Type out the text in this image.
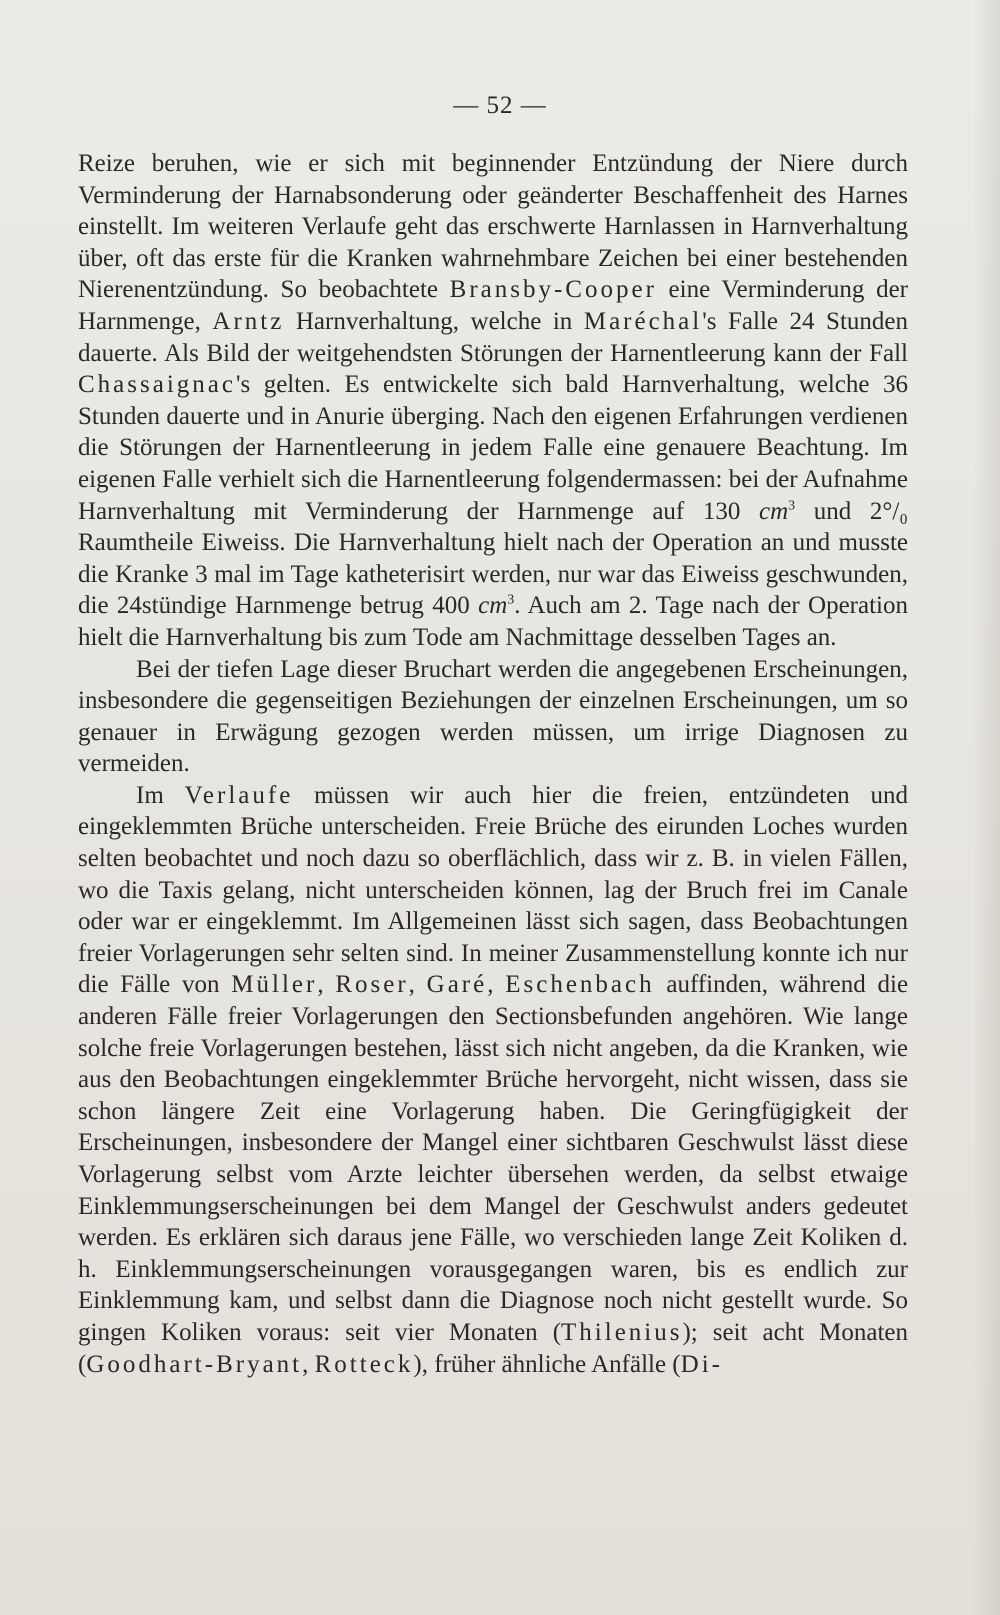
— 52 —

Reize beruhen, wie er sich mit beginnender Entzündung der Niere durch Verminderung der Harnabsonderung oder geänderter Beschaffenheit des Harnes einstellt. Im weiteren Verlaufe geht das erschwerte Harnlassen in Harnverhaltung über, oft das erste für die Kranken wahrnehmbare Zeichen bei einer bestehenden Nierenentzündung. So beobachtete Bransby-Cooper eine Verminderung der Harnmenge, Arntz Harnverhaltung, welche in Maréchal's Falle 24 Stunden dauerte. Als Bild der weitgehendsten Störungen der Harnentleerung kann der Fall Chassaignac's gelten. Es entwickelte sich bald Harnverhaltung, welche 36 Stunden dauerte und in Anurie überging. Nach den eigenen Erfahrungen verdienen die Störungen der Harnentleerung in jedem Falle eine genauere Beachtung. Im eigenen Falle verhielt sich die Harnentleerung folgendermassen: bei der Aufnahme Harnverhaltung mit Verminderung der Harnmenge auf 130 $cm^3$ und 2°/₀ Raumtheile Eiweiss. Die Harnverhaltung hielt nach der Operation an und musste die Kranke 3 mal im Tage katheterisirt werden, nur war das Eiweiss geschwunden, die 24stündige Harnmenge betrug 400 $cm^3$. Auch am 2. Tage nach der Operation hielt die Harnverhaltung bis zum Tode am Nachmittage desselben Tages an.

Bei der tiefen Lage dieser Bruchart werden die angegebenen Erscheinungen, insbesondere die gegenseitigen Beziehungen der einzelnen Erscheinungen, um so genauer in Erwägung gezogen werden müssen, um irrige Diagnosen zu vermeiden.

Im Verlaufe müssen wir auch hier die freien, entzündeten und eingeklemmten Brüche unterscheiden. Freie Brüche des eirunden Loches wurden selten beobachtet und noch dazu so oberflächlich, dass wir z. B. in vielen Fällen, wo die Taxis gelang, nicht unterscheiden können, lag der Bruch frei im Canale oder war er eingeklemmt. Im Allgemeinen lässt sich sagen, dass Beobachtungen freier Vorlagerungen sehr selten sind. In meiner Zusammenstellung konnte ich nur die Fälle von Müller, Roser, Garé, Eschenbach auffinden, während die anderen Fälle freier Vorlagerungen den Sectionsbefunden angehören. Wie lange solche freie Vorlagerungen bestehen, lässt sich nicht angeben, da die Kranken, wie aus den Beobachtungen eingeklemmter Brüche hervorgeht, nicht wissen, dass sie schon längere Zeit eine Vorlagerung haben. Die Geringfügigkeit der Erscheinungen, insbesondere der Mangel einer sichtbaren Geschwulst lässt diese Vorlagerung selbst vom Arzte leichter übersehen werden, da selbst etwaige Einklemmungserscheinungen bei dem Mangel der Geschwulst anders gedeutet werden. Es erklären sich daraus jene Fälle, wo verschieden lange Zeit Koliken d. h. Einklemmungserscheinungen vorausgegangen waren, bis es endlich zur Einklemmung kam, und selbst dann die Diagnose noch nicht gestellt wurde. So gingen Koliken voraus: seit vier Monaten (Thilenius); seit acht Monaten (Goodhart-Bryant, Rotteck), früher ähnliche Anfälle (Di-
